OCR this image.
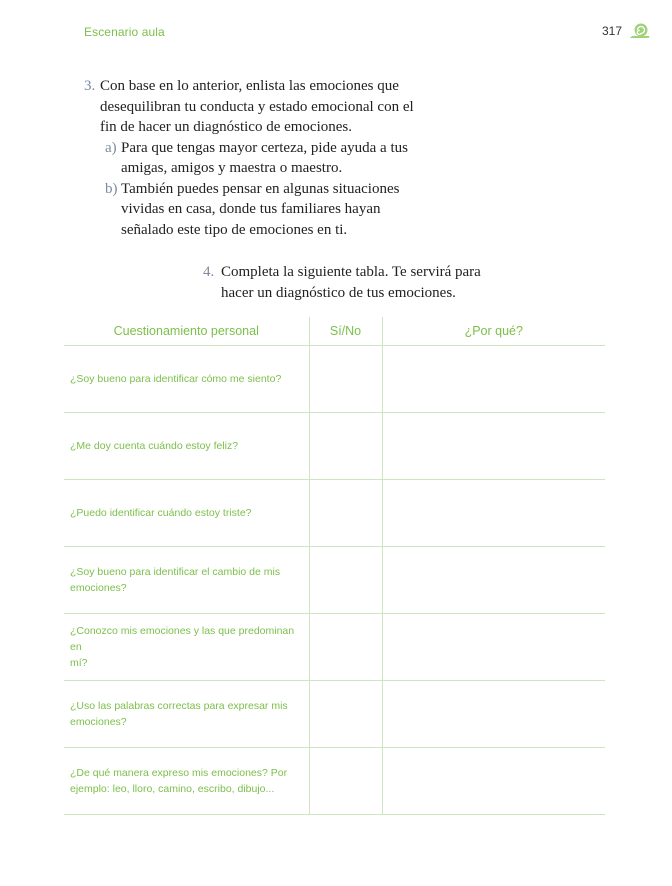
Escenario aula	317
3. Con base en lo anterior, enlista las emociones que
desequilibran tu conducta y estado emocional con el
fin de hacer un diagnóstico de emociones.
a) Para que tengas mayor certeza, pide ayuda a tus
amigas, amigos y maestra o maestro.
b) También puedes pensar en algunas situaciones
vividas en casa, donde tus familiares hayan
señalado este tipo de emociones en ti.
4. Completa la siguiente tabla. Te servirá para
hacer un diagnóstico de tus emociones.
Cuestionamiento personal	Sí/No	¿Por qué?

¿Soy bueno para identificar cómo me siento?		

¿Me doy cuenta cuándo estoy feliz?		

¿Puedo identificar cuándo estoy triste?		

¿Soy bueno para identificar el cambio de mis
emociones?		

¿Conozco mis emociones y las que predominan en
mí?		

¿Uso las palabras correctas para expresar mis
emociones?		

¿De qué manera expreso mis emociones? Por
ejemplo: leo, lloro, camino, escribo, dibujo...		
